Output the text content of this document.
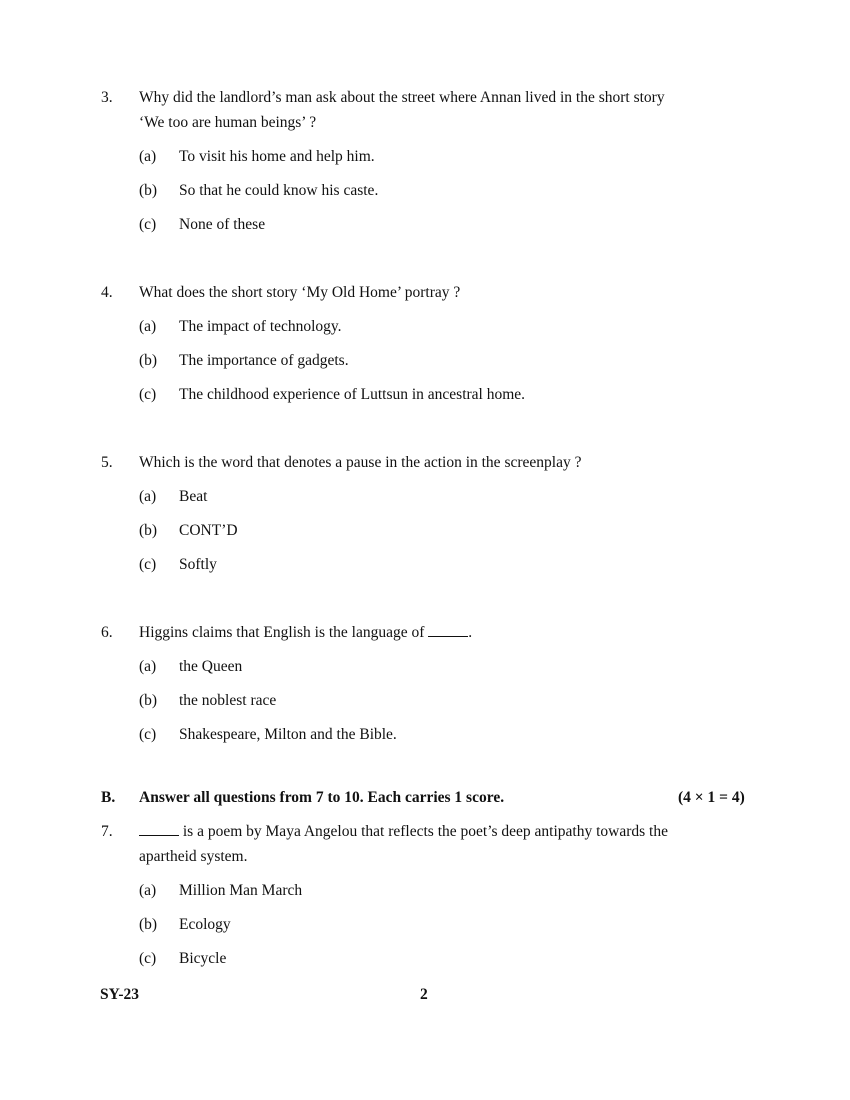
3. Why did the landlord’s man ask about the street where Annan lived in the short story
‘We too are human beings’ ?
(a) To visit his home and help him.
(b) So that he could know his caste.
(c) None of these
4. What does the short story ‘My Old Home’ portray ?
(a) The impact of technology.
(b) The importance of gadgets.
(c) The childhood experience of Luttsun in ancestral home.
5. Which is the word that denotes a pause in the action in the screenplay ?
(a) Beat
(b) CONT’D
(c) Softly
6. Higgins claims that English is the language of	.
(a) the Queen
(b) the noblest race
(c) Shakespeare, Milton and the Bible.
B. Answer all questions from 7 to 10. Each carries 1 score.	(4 × 1 = 4)
7.	is a poem by Maya Angelou that reflects the poet’s deep antipathy towards the
apartheid system.
(a) Million Man March
(b) Ecology
(c) Bicycle
SY-23	2
